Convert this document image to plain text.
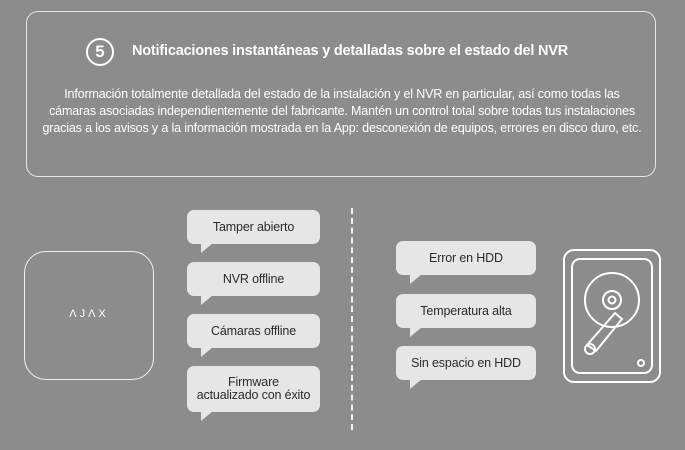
5	Notificaciones instantáneas y detalladas sobre el estado del NVR
Información totalmente detallada del estado de la instalación y el NVR en particular, así como todas las cámaras asociadas independientemente del fabricante. Mantén un control total sobre todas tus instalaciones gracias a los avisos y a la información mostrada en la App: desconexión de equipos, errores en disco duro, etc.
ΛJΛX
Tamper abierto
NVR offline
Cámaras offline
Firmware
actualizado con éxito
Error en HDD
Temperatura alta
Sin espacio en HDD
